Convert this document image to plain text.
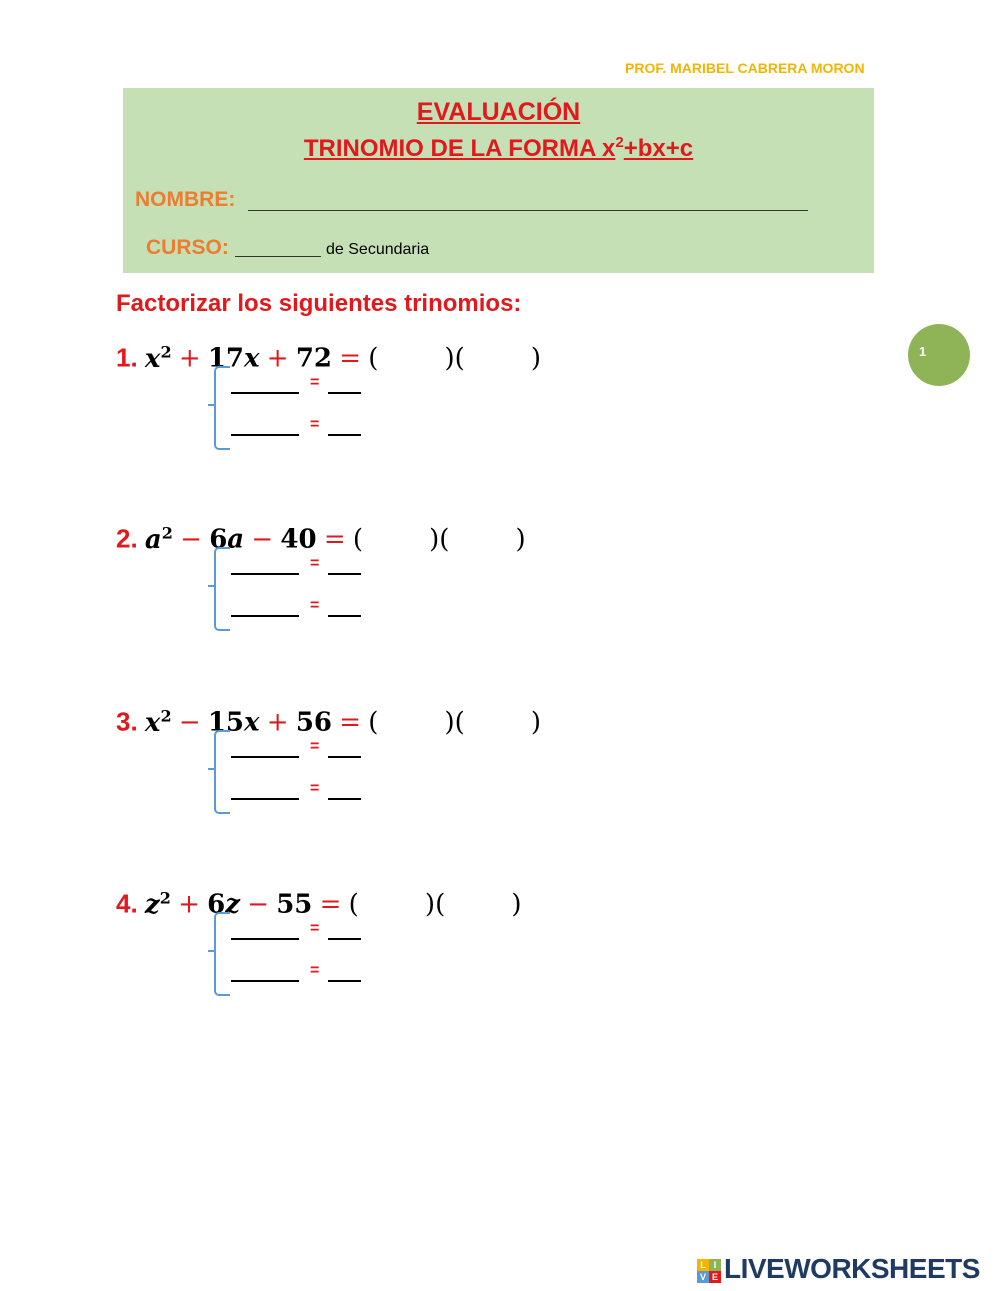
PROF. MARIBEL CABRERA MORON
EVALUACIÓN
TRINOMIO DE LA FORMA x2+bx+c
NOMBRE:
CURSO:	de Secundaria
Factorizar los siguientes trinomios:
1
1. $x^2 + 17x + 72$ = (        )(        )
=
=
2. $a^2 - 6a - 40$ = (        )(        )
=
=
3. $x^2 - 15x + 56$ = (        )(        )
=
=
4. $z^2 + 6z - 55$ = (        )(        )
=
=
L I
V E LIVEWORKSHEETS
